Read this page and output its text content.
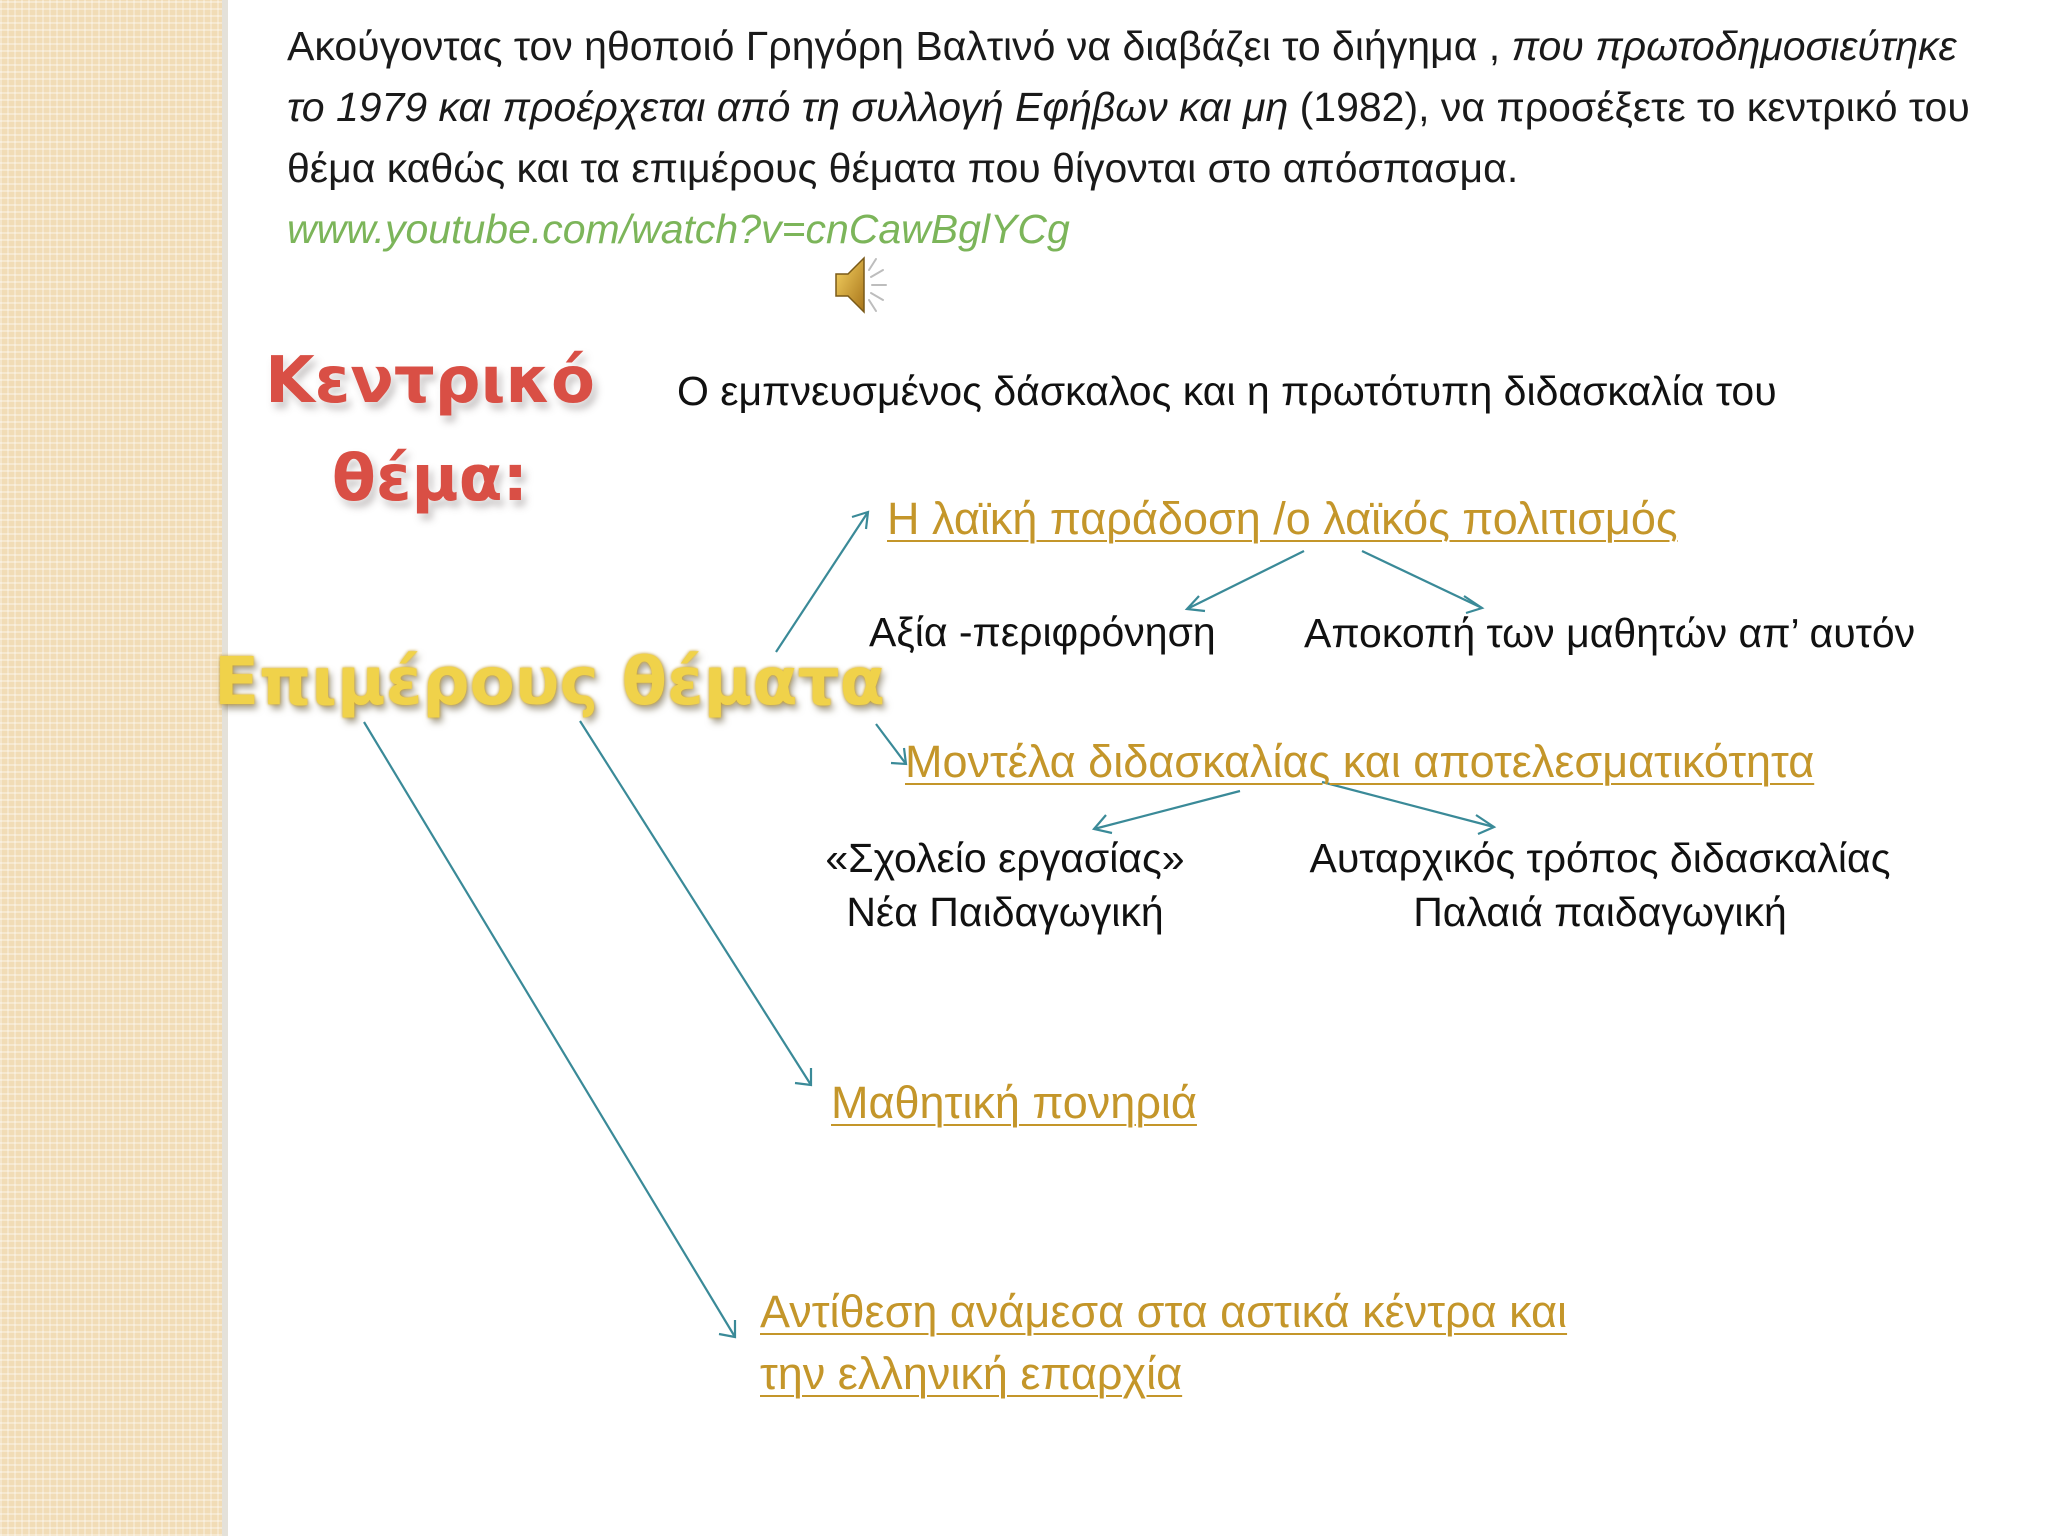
Ακούγοντας τον ηθοποιό Γρηγόρη Βαλτινό να διαβάζει το διήγημα , που πρωτοδημοσιεύτηκε το 1979 και προέρχεται από τη συλλογή Εφήβων και μη (1982), να προσέξετε το κεντρικό του θέμα καθώς και τα επιμέρους θέματα που θίγονται στο απόσπασμα. www.youtube.com/watch?v=cnCawBglYCg
Κεντρικό
θέμα:
Ο εμπνευσμένος δάσκαλος και η πρωτότυπη διδασκαλία του
Επιμέρους θέματα
Η λαϊκή παράδοση /ο λαϊκός πολιτισμός
Αξία -περιφρόνηση Αποκοπή των μαθητών απ’ αυτόν
Μοντέλα διδασκαλίας και αποτελεσματικότητα
«Σχολείο εργασίας»
Νέα Παιδαγωγική
Αυταρχικός τρόπος διδασκαλίας
Παλαιά παιδαγωγική
Μαθητική πονηριά
Αντίθεση ανάμεσα στα αστικά κέντρα και
την ελληνική επαρχία
